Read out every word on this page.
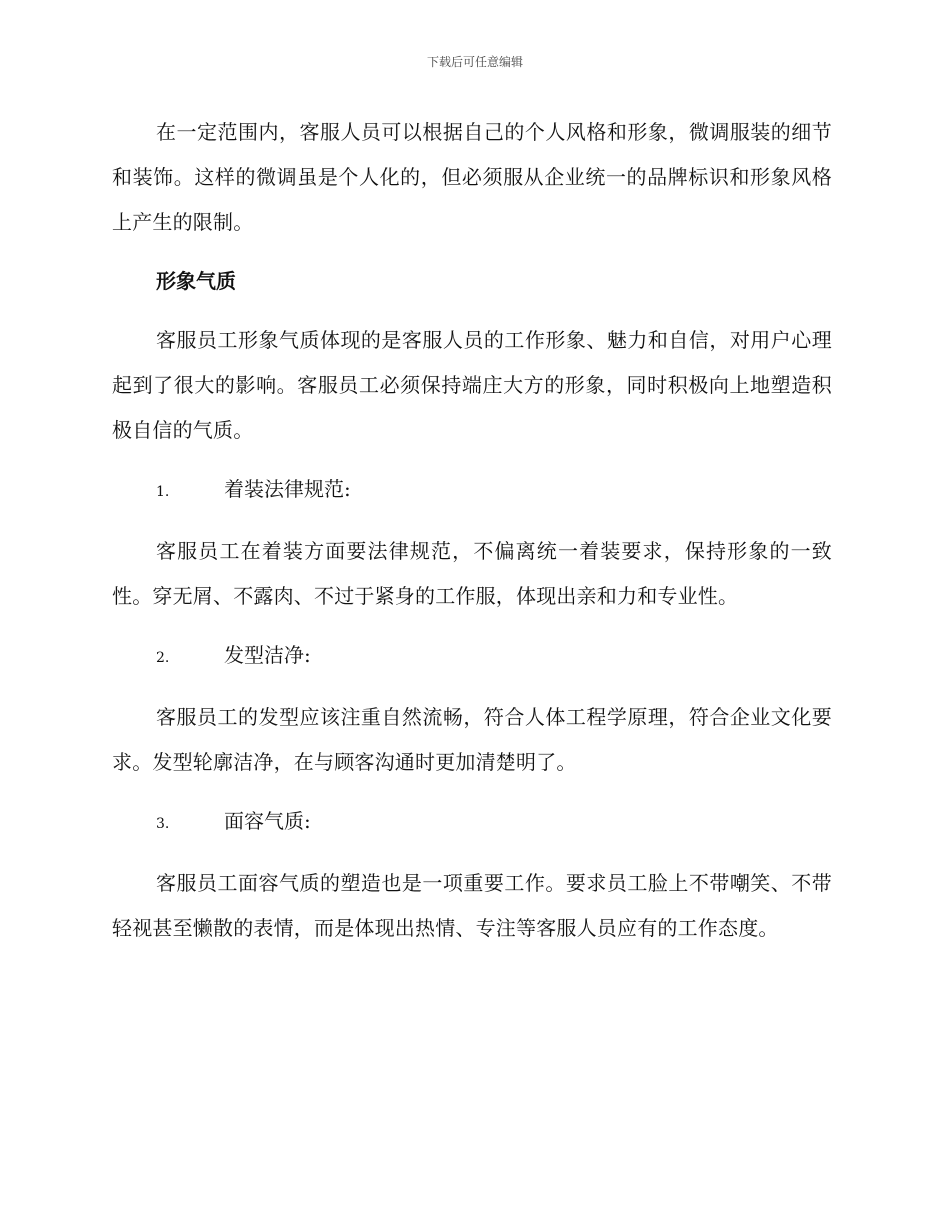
下载后可任意编辑

在一定范围内，客服人员可以根据自己的个人风格和形象，微调服装的细节和装饰。这样的微调虽是个人化的，但必须服从企业统一的品牌标识和形象风格上产生的限制。

形象气质

客服员工形象气质体现的是客服人员的工作形象、魅力和自信，对用户心理起到了很大的影响。客服员工必须保持端庄大方的形象，同时积极向上地塑造积极自信的气质。

1.	着装法律规范:

客服员工在着装方面要法律规范，不偏离统一着装要求，保持形象的一致性。穿无屑、不露肉、不过于紧身的工作服，体现出亲和力和专业性。

2.	发型洁净:

客服员工的发型应该注重自然流畅，符合人体工程学原理，符合企业文化要求。发型轮廓洁净，在与顾客沟通时更加清楚明了。

3.	面容气质:

客服员工面容气质的塑造也是一项重要工作。要求员工脸上不带嘲笑、不带轻视甚至懒散的表情，而是体现出热情、专注等客服人员应有的工作态度。
